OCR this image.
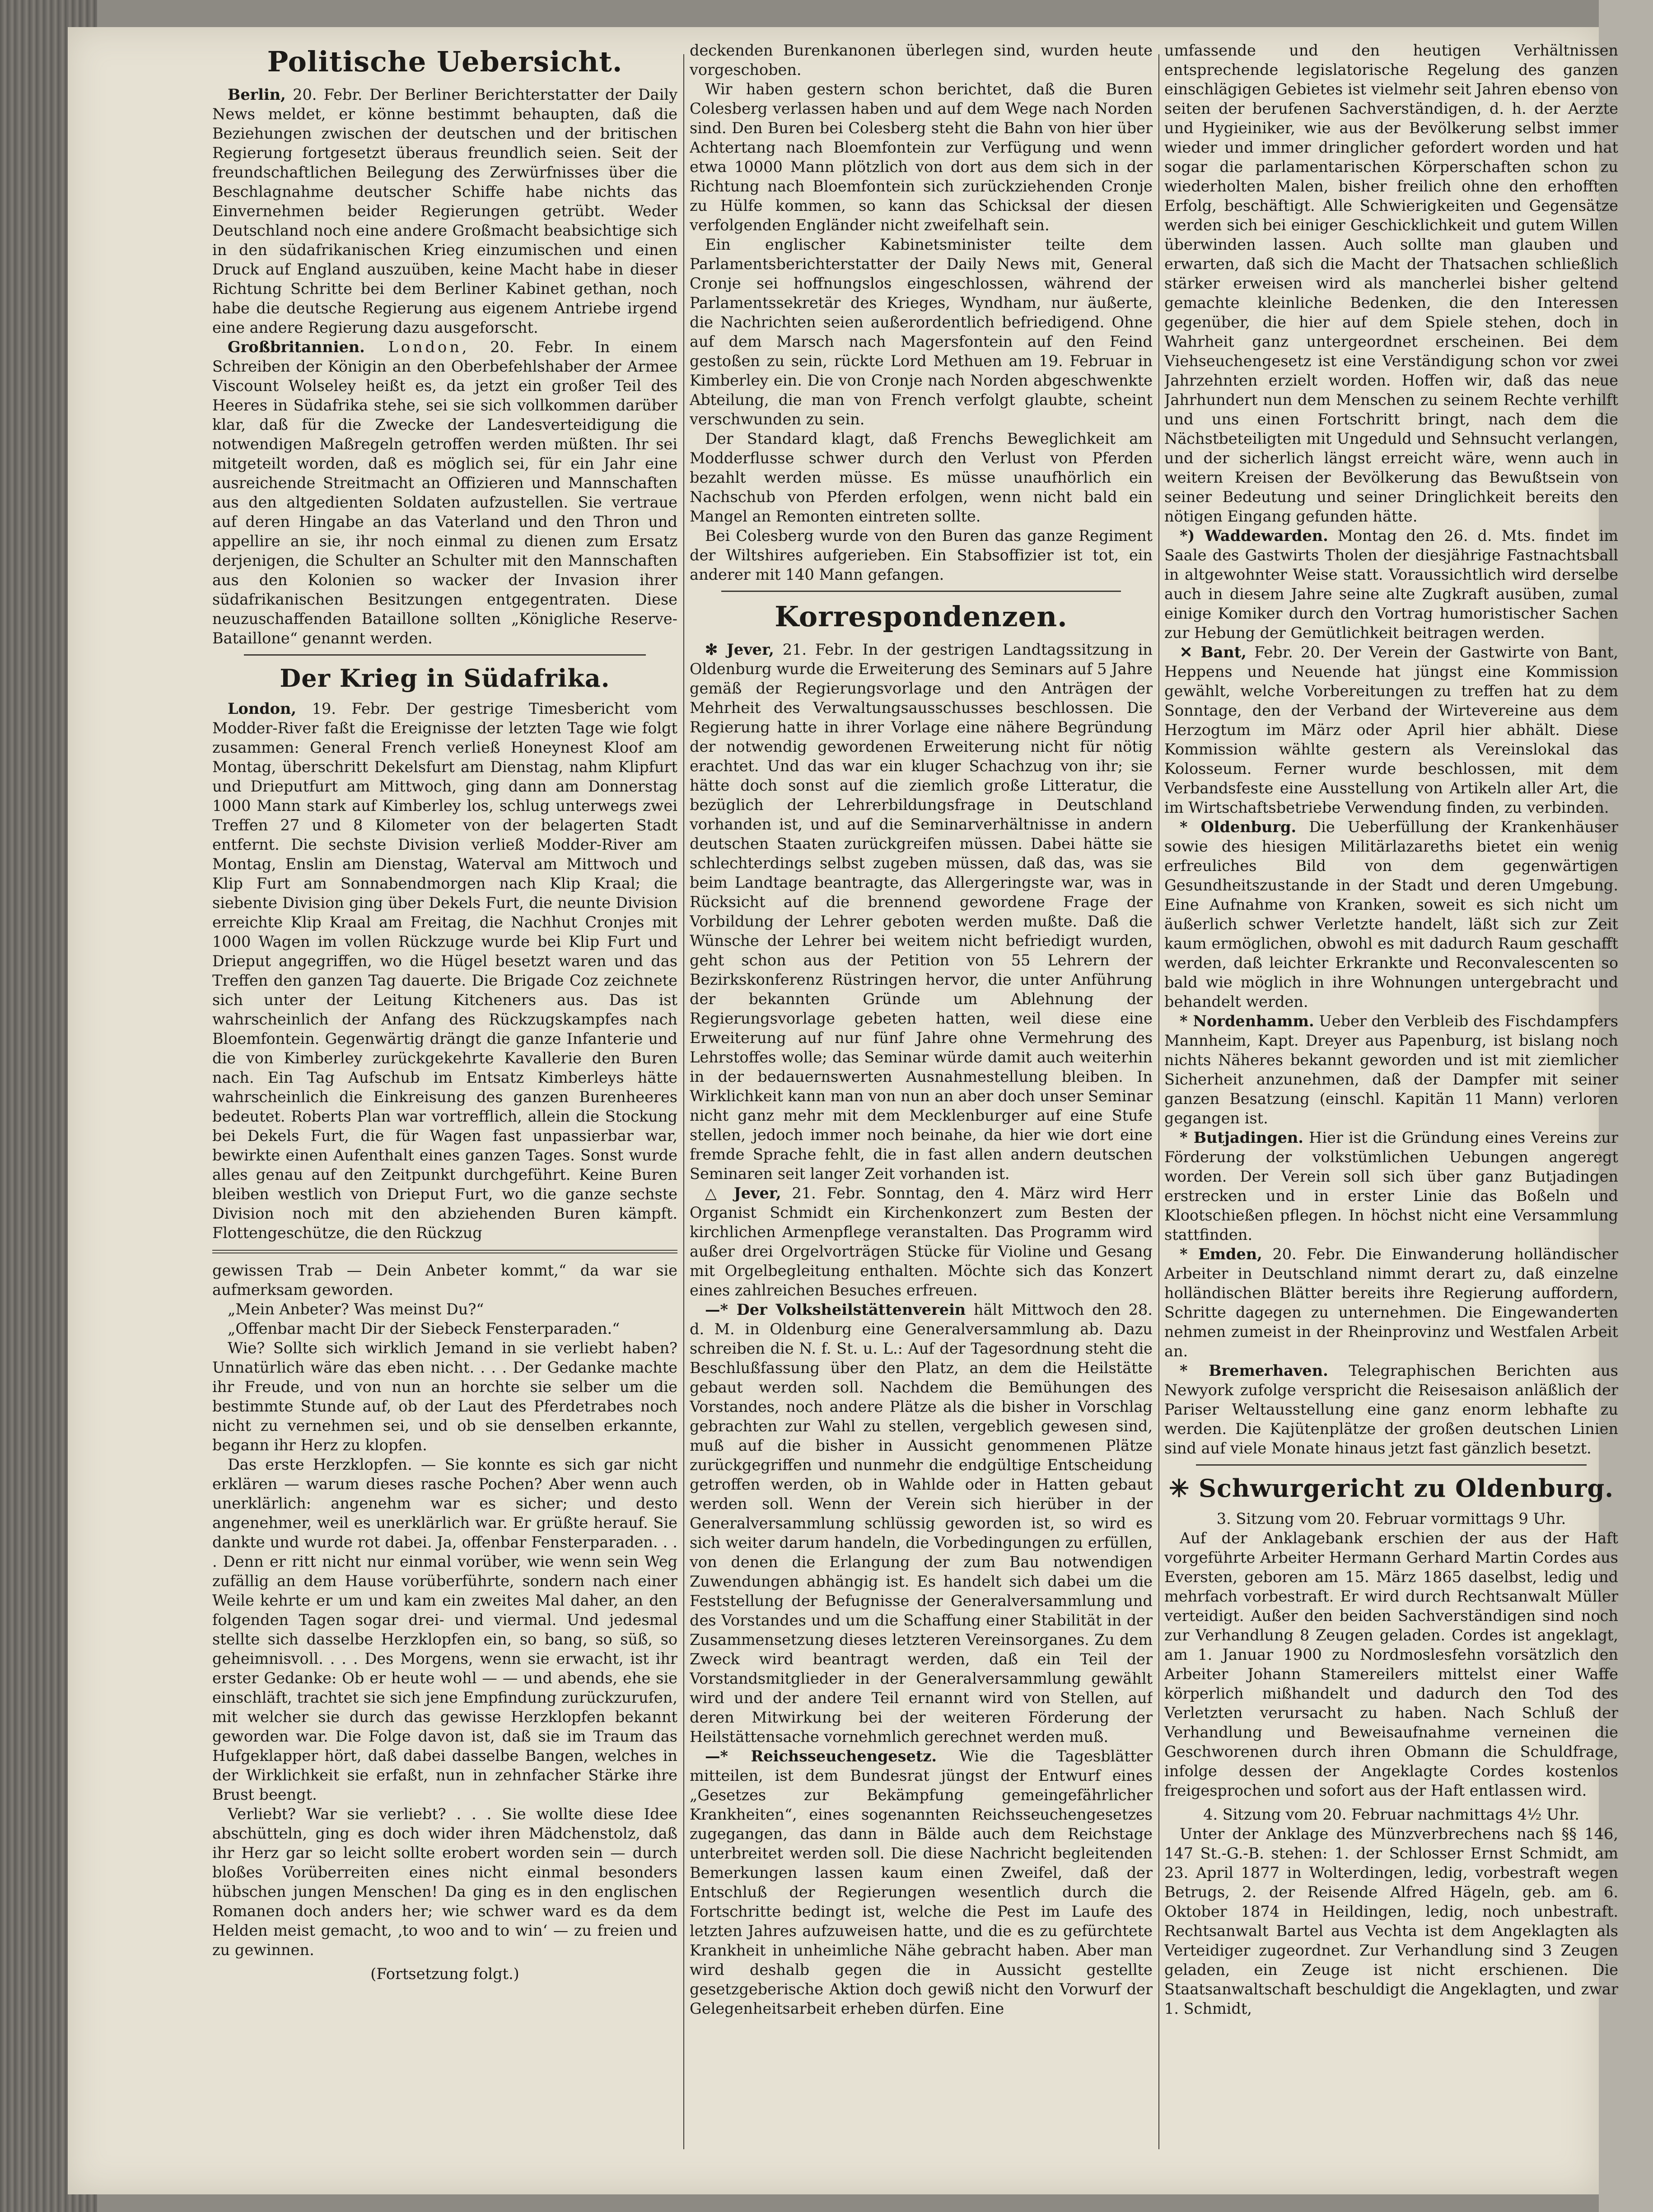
Politische Uebersicht.

Berlin, 20. Febr. Der Berliner Berichterstatter der Daily News meldet, er könne bestimmt behaupten, daß die Beziehungen zwischen der deutschen und der britischen Regierung fortgesetzt überaus freundlich seien. Seit der freundschaftlichen Beilegung des Zerwürfnisses über die Beschlagnahme deutscher Schiffe habe nichts das Einvernehmen beider Regierungen getrübt. Weder Deutschland noch eine andere Großmacht beabsichtige sich in den südafrikanischen Krieg einzumischen und einen Druck auf England auszuüben, keine Macht habe in dieser Richtung Schritte bei dem Berliner Kabinet gethan, noch habe die deutsche Regierung aus eigenem Antriebe irgend eine andere Regierung dazu ausgeforscht.

Großbritannien. London, 20. Febr. In einem Schreiben der Königin an den Oberbefehlshaber der Armee Viscount Wolseley heißt es, da jetzt ein großer Teil des Heeres in Südafrika stehe, sei sie sich vollkommen darüber klar, daß für die Zwecke der Landesverteidigung die notwendigen Maßregeln getroffen werden müßten. Ihr sei mitgeteilt worden, daß es möglich sei, für ein Jahr eine ausreichende Streitmacht an Offizieren und Mannschaften aus den altgedienten Soldaten aufzustellen. Sie vertraue auf deren Hingabe an das Vaterland und den Thron und appellire an sie, ihr noch einmal zu dienen zum Ersatz derjenigen, die Schulter an Schulter mit den Mannschaften aus den Kolonien so wacker der Invasion ihrer südafrikanischen Besitzungen entgegentraten. Diese neuzuschaffenden Bataillone sollten „Königliche Reserve-Bataillone“ genannt werden.

Der Krieg in Südafrika.

London, 19. Febr. Der gestrige Timesbericht vom Modder-River faßt die Ereignisse der letzten Tage wie folgt zusammen: General French verließ Honeynest Kloof am Montag, überschritt Dekelsfurt am Dienstag, nahm Klipfurt und Drieputfurt am Mittwoch, ging dann am Donnerstag 1000 Mann stark auf Kimberley los, schlug unterwegs zwei Treffen 27 und 8 Kilometer von der belagerten Stadt entfernt. Die sechste Division verließ Modder-River am Montag, Enslin am Dienstag, Waterval am Mittwoch und Klip Furt am Sonnabendmorgen nach Klip Kraal; die siebente Division ging über Dekels Furt, die neunte Division erreichte Klip Kraal am Freitag, die Nachhut Cronjes mit 1000 Wagen im vollen Rückzuge wurde bei Klip Furt und Drieput angegriffen, wo die Hügel besetzt waren und das Treffen den ganzen Tag dauerte. Die Brigade Coz zeichnete sich unter der Leitung Kitcheners aus. Das ist wahrscheinlich der Anfang des Rückzugskampfes nach Bloemfontein. Gegenwärtig drängt die ganze Infanterie und die von Kimberley zurückgekehrte Kavallerie den Buren nach. Ein Tag Aufschub im Entsatz Kimberleys hätte wahrscheinlich die Einkreisung des ganzen Burenheeres bedeutet. Roberts Plan war vortrefflich, allein die Stockung bei Dekels Furt, die für Wagen fast unpassierbar war, bewirkte einen Aufenthalt eines ganzen Tages. Sonst wurde alles genau auf den Zeitpunkt durchgeführt. Keine Buren bleiben westlich von Drieput Furt, wo die ganze sechste Division noch mit den abziehenden Buren kämpft. Flottengeschütze, die den Rückzug

gewissen Trab — Dein Anbeter kommt,“ da war sie aufmerksam geworden.

„Mein Anbeter? Was meinst Du?“

„Offenbar macht Dir der Siebeck Fensterparaden.“

Wie? Sollte sich wirklich Jemand in sie verliebt haben? Unnatürlich wäre das eben nicht. . . . Der Gedanke machte ihr Freude, und von nun an horchte sie selber um die bestimmte Stunde auf, ob der Laut des Pferdetrabes noch nicht zu vernehmen sei, und ob sie denselben erkannte, begann ihr Herz zu klopfen.

Das erste Herzklopfen. — Sie konnte es sich gar nicht erklären — warum dieses rasche Pochen? Aber wenn auch unerklärlich: angenehm war es sicher; und desto angenehmer, weil es unerklärlich war. Er grüßte herauf. Sie dankte und wurde rot dabei. Ja, offenbar Fensterparaden. . . . Denn er ritt nicht nur einmal vorüber, wie wenn sein Weg zufällig an dem Hause vorüberführte, sondern nach einer Weile kehrte er um und kam ein zweites Mal daher, an den folgenden Tagen sogar drei- und viermal. Und jedesmal stellte sich dasselbe Herzklopfen ein, so bang, so süß, so geheimnisvoll. . . . Des Morgens, wenn sie erwacht, ist ihr erster Gedanke: Ob er heute wohl — — und abends, ehe sie einschläft, trachtet sie sich jene Empfindung zurückzurufen, mit welcher sie durch das gewisse Herzklopfen bekannt geworden war. Die Folge davon ist, daß sie im Traum das Hufgeklapper hört, daß dabei dasselbe Bangen, welches in der Wirklichkeit sie erfaßt, nun in zehnfacher Stärke ihre Brust beengt.

Verliebt? War sie verliebt? . . . Sie wollte diese Idee abschütteln, ging es doch wider ihren Mädchenstolz, daß ihr Herz gar so leicht sollte erobert worden sein — durch bloßes Vorüberreiten eines nicht einmal besonders hübschen jungen Menschen! Da ging es in den englischen Romanen doch anders her; wie schwer ward es da dem Helden meist gemacht, ‚to woo and to win‘ — zu freien und zu gewinnen.

(Fortsetzung folgt.)

deckenden Burenkanonen überlegen sind, wurden heute vorgeschoben.

Wir haben gestern schon berichtet, daß die Buren Colesberg verlassen haben und auf dem Wege nach Norden sind. Den Buren bei Colesberg steht die Bahn von hier über Achtertang nach Bloemfontein zur Verfügung und wenn etwa 10000 Mann plötzlich von dort aus dem sich in der Richtung nach Bloemfontein sich zurückziehenden Cronje zu Hülfe kommen, so kann das Schicksal der diesen verfolgenden Engländer nicht zweifelhaft sein.

Ein englischer Kabinetsminister teilte dem Parlamentsberichterstatter der Daily News mit, General Cronje sei hoffnungslos eingeschlossen, während der Parlamentssekretär des Krieges, Wyndham, nur äußerte, die Nachrichten seien außerordentlich befriedigend. Ohne auf dem Marsch nach Magersfontein auf den Feind gestoßen zu sein, rückte Lord Methuen am 19. Februar in Kimberley ein. Die von Cronje nach Norden abgeschwenkte Abteilung, die man von French verfolgt glaubte, scheint verschwunden zu sein.

Der Standard klagt, daß Frenchs Beweglichkeit am Modderflusse schwer durch den Verlust von Pferden bezahlt werden müsse. Es müsse unaufhörlich ein Nachschub von Pferden erfolgen, wenn nicht bald ein Mangel an Remonten eintreten sollte.

Bei Colesberg wurde von den Buren das ganze Regiment der Wiltshires aufgerieben. Ein Stabsoffizier ist tot, ein anderer mit 140 Mann gefangen.

Korrespondenzen.

✻ Jever, 21. Febr. In der gestrigen Landtagssitzung in Oldenburg wurde die Erweiterung des Seminars auf 5 Jahre gemäß der Regierungsvorlage und den Anträgen der Mehrheit des Verwaltungsausschusses beschlossen. Die Regierung hatte in ihrer Vorlage eine nähere Begründung der notwendig gewordenen Erweiterung nicht für nötig erachtet. Und das war ein kluger Schachzug von ihr; sie hätte doch sonst auf die ziemlich große Litteratur, die bezüglich der Lehrerbildungsfrage in Deutschland vorhanden ist, und auf die Seminarverhältnisse in andern deutschen Staaten zurückgreifen müssen. Dabei hätte sie schlechterdings selbst zugeben müssen, daß das, was sie beim Landtage beantragte, das Allergeringste war, was in Rücksicht auf die brennend gewordene Frage der Vorbildung der Lehrer geboten werden mußte. Daß die Wünsche der Lehrer bei weitem nicht befriedigt wurden, geht schon aus der Petition von 55 Lehrern der Bezirkskonferenz Rüstringen hervor, die unter Anführung der bekannten Gründe um Ablehnung der Regierungsvorlage gebeten hatten, weil diese eine Erweiterung auf nur fünf Jahre ohne Vermehrung des Lehrstoffes wolle; das Seminar würde damit auch weiterhin in der bedauernswerten Ausnahmestellung bleiben. In Wirklichkeit kann man von nun an aber doch unser Seminar nicht ganz mehr mit dem Mecklenburger auf eine Stufe stellen, jedoch immer noch beinahe, da hier wie dort eine fremde Sprache fehlt, die in fast allen andern deutschen Seminaren seit langer Zeit vorhanden ist.

△ Jever, 21. Febr. Sonntag, den 4. März wird Herr Organist Schmidt ein Kirchenkonzert zum Besten der kirchlichen Armenpflege veranstalten. Das Programm wird außer drei Orgelvorträgen Stücke für Violine und Gesang mit Orgelbegleitung enthalten. Möchte sich das Konzert eines zahlreichen Besuches erfreuen.

—* Der Volksheilstättenverein hält Mittwoch den 28. d. M. in Oldenburg eine Generalversammlung ab. Dazu schreiben die N. f. St. u. L.: Auf der Tagesordnung steht die Beschlußfassung über den Platz, an dem die Heilstätte gebaut werden soll. Nachdem die Bemühungen des Vorstandes, noch andere Plätze als die bisher in Vorschlag gebrachten zur Wahl zu stellen, vergeblich gewesen sind, muß auf die bisher in Aussicht genommenen Plätze zurückgegriffen und nunmehr die endgültige Entscheidung getroffen werden, ob in Wahlde oder in Hatten gebaut werden soll. Wenn der Verein sich hierüber in der Generalversammlung schlüssig geworden ist, so wird es sich weiter darum handeln, die Vorbedingungen zu erfüllen, von denen die Erlangung der zum Bau notwendigen Zuwendungen abhängig ist. Es handelt sich dabei um die Feststellung der Befugnisse der Generalversammlung und des Vorstandes und um die Schaffung einer Stabilität in der Zusammensetzung dieses letzteren Vereinsorganes. Zu dem Zweck wird beantragt werden, daß ein Teil der Vorstandsmitglieder in der Generalversammlung gewählt wird und der andere Teil ernannt wird von Stellen, auf deren Mitwirkung bei der weiteren Förderung der Heilstättensache vornehmlich gerechnet werden muß.

—* Reichsseuchengesetz. Wie die Tagesblätter mitteilen, ist dem Bundesrat jüngst der Entwurf eines „Gesetzes zur Bekämpfung gemeingefährlicher Krankheiten“, eines sogenannten Reichsseuchengesetzes zugegangen, das dann in Bälde auch dem Reichstage unterbreitet werden soll. Die diese Nachricht begleitenden Bemerkungen lassen kaum einen Zweifel, daß der Entschluß der Regierungen wesentlich durch die Fortschritte bedingt ist, welche die Pest im Laufe des letzten Jahres aufzuweisen hatte, und die es zu gefürchtete Krankheit in unheimliche Nähe gebracht haben. Aber man wird deshalb gegen die in Aussicht gestellte gesetzgeberische Aktion doch gewiß nicht den Vorwurf der Gelegenheitsarbeit erheben dürfen. Eine

umfassende und den heutigen Verhältnissen entsprechende legislatorische Regelung des ganzen einschlägigen Gebietes ist vielmehr seit Jahren ebenso von seiten der berufenen Sachverständigen, d. h. der Aerzte und Hygieiniker, wie aus der Bevölkerung selbst immer wieder und immer dringlicher gefordert worden und hat sogar die parlamentarischen Körperschaften schon zu wiederholten Malen, bisher freilich ohne den erhofften Erfolg, beschäftigt. Alle Schwierigkeiten und Gegensätze werden sich bei einiger Geschicklichkeit und gutem Willen überwinden lassen. Auch sollte man glauben und erwarten, daß sich die Macht der Thatsachen schließlich stärker erweisen wird als mancherlei bisher geltend gemachte kleinliche Bedenken, die den Interessen gegenüber, die hier auf dem Spiele stehen, doch in Wahrheit ganz untergeordnet erscheinen. Bei dem Viehseuchengesetz ist eine Verständigung schon vor zwei Jahrzehnten erzielt worden. Hoffen wir, daß das neue Jahrhundert nun dem Menschen zu seinem Rechte verhilft und uns einen Fortschritt bringt, nach dem die Nächstbeteiligten mit Ungeduld und Sehnsucht verlangen, und der sicherlich längst erreicht wäre, wenn auch in weitern Kreisen der Bevölkerung das Bewußtsein von seiner Bedeutung und seiner Dringlichkeit bereits den nötigen Eingang gefunden hätte.

*) Waddewarden. Montag den 26. d. Mts. findet im Saale des Gastwirts Tholen der diesjährige Fastnachtsball in altgewohnter Weise statt. Voraussichtlich wird derselbe auch in diesem Jahre seine alte Zugkraft ausüben, zumal einige Komiker durch den Vortrag humoristischer Sachen zur Hebung der Gemütlichkeit beitragen werden.

✕ Bant, Febr. 20. Der Verein der Gastwirte von Bant, Heppens und Neuende hat jüngst eine Kommission gewählt, welche Vorbereitungen zu treffen hat zu dem Sonntage, den der Verband der Wirtevereine aus dem Herzogtum im März oder April hier abhält. Diese Kommission wählte gestern als Vereinslokal das Kolosseum. Ferner wurde beschlossen, mit dem Verbandsfeste eine Ausstellung von Artikeln aller Art, die im Wirtschaftsbetriebe Verwendung finden, zu verbinden.

* Oldenburg. Die Ueberfüllung der Krankenhäuser sowie des hiesigen Militärlazareths bietet ein wenig erfreuliches Bild von dem gegenwärtigen Gesundheitszustande in der Stadt und deren Umgebung. Eine Aufnahme von Kranken, soweit es sich nicht um äußerlich schwer Verletzte handelt, läßt sich zur Zeit kaum ermöglichen, obwohl es mit dadurch Raum geschafft werden, daß leichter Erkrankte und Reconvalescenten so bald wie möglich in ihre Wohnungen untergebracht und behandelt werden.

* Nordenhamm. Ueber den Verbleib des Fischdampfers Mannheim, Kapt. Dreyer aus Papenburg, ist bislang noch nichts Näheres bekannt geworden und ist mit ziemlicher Sicherheit anzunehmen, daß der Dampfer mit seiner ganzen Besatzung (einschl. Kapitän 11 Mann) verloren gegangen ist.

* Butjadingen. Hier ist die Gründung eines Vereins zur Förderung der volkstümlichen Uebungen angeregt worden. Der Verein soll sich über ganz Butjadingen erstrecken und in erster Linie das Boßeln und Klootschießen pflegen. In höchst nicht eine Versammlung stattfinden.

* Emden, 20. Febr. Die Einwanderung holländischer Arbeiter in Deutschland nimmt derart zu, daß einzelne holländischen Blätter bereits ihre Regierung auffordern, Schritte dagegen zu unternehmen. Die Eingewanderten nehmen zumeist in der Rheinprovinz und Westfalen Arbeit an.

* Bremerhaven. Telegraphischen Berichten aus Newyork zufolge verspricht die Reisesaison anläßlich der Pariser Weltausstellung eine ganz enorm lebhafte zu werden. Die Kajütenplätze der großen deutschen Linien sind auf viele Monate hinaus jetzt fast gänzlich besetzt.

✳ Schwurgericht zu Oldenburg.

3. Sitzung vom 20. Februar vormittags 9 Uhr.

Auf der Anklagebank erschien der aus der Haft vorgeführte Arbeiter Hermann Gerhard Martin Cordes aus Eversten, geboren am 15. März 1865 daselbst, ledig und mehrfach vorbestraft. Er wird durch Rechtsanwalt Müller verteidigt. Außer den beiden Sachverständigen sind noch zur Verhandlung 8 Zeugen geladen. Cordes ist angeklagt, am 1. Januar 1900 zu Nordmoslesfehn vorsätzlich den Arbeiter Johann Stamereilers mittelst einer Waffe körperlich mißhandelt und dadurch den Tod des Verletzten verursacht zu haben. Nach Schluß der Verhandlung und Beweisaufnahme verneinen die Geschworenen durch ihren Obmann die Schuldfrage, infolge dessen der Angeklagte Cordes kostenlos freigesprochen und sofort aus der Haft entlassen wird.

4. Sitzung vom 20. Februar nachmittags 4½ Uhr.

Unter der Anklage des Münzverbrechens nach §§ 146, 147 St.-G.-B. stehen: 1. der Schlosser Ernst Schmidt, am 23. April 1877 in Wolterdingen, ledig, vorbestraft wegen Betrugs, 2. der Reisende Alfred Hägeln, geb. am 6. Oktober 1874 in Heildingen, ledig, noch unbestraft. Rechtsanwalt Bartel aus Vechta ist dem Angeklagten als Verteidiger zugeordnet. Zur Verhandlung sind 3 Zeugen geladen, ein Zeuge ist nicht erschienen. Die Staatsanwaltschaft beschuldigt die Angeklagten, und zwar 1. Schmidt,
